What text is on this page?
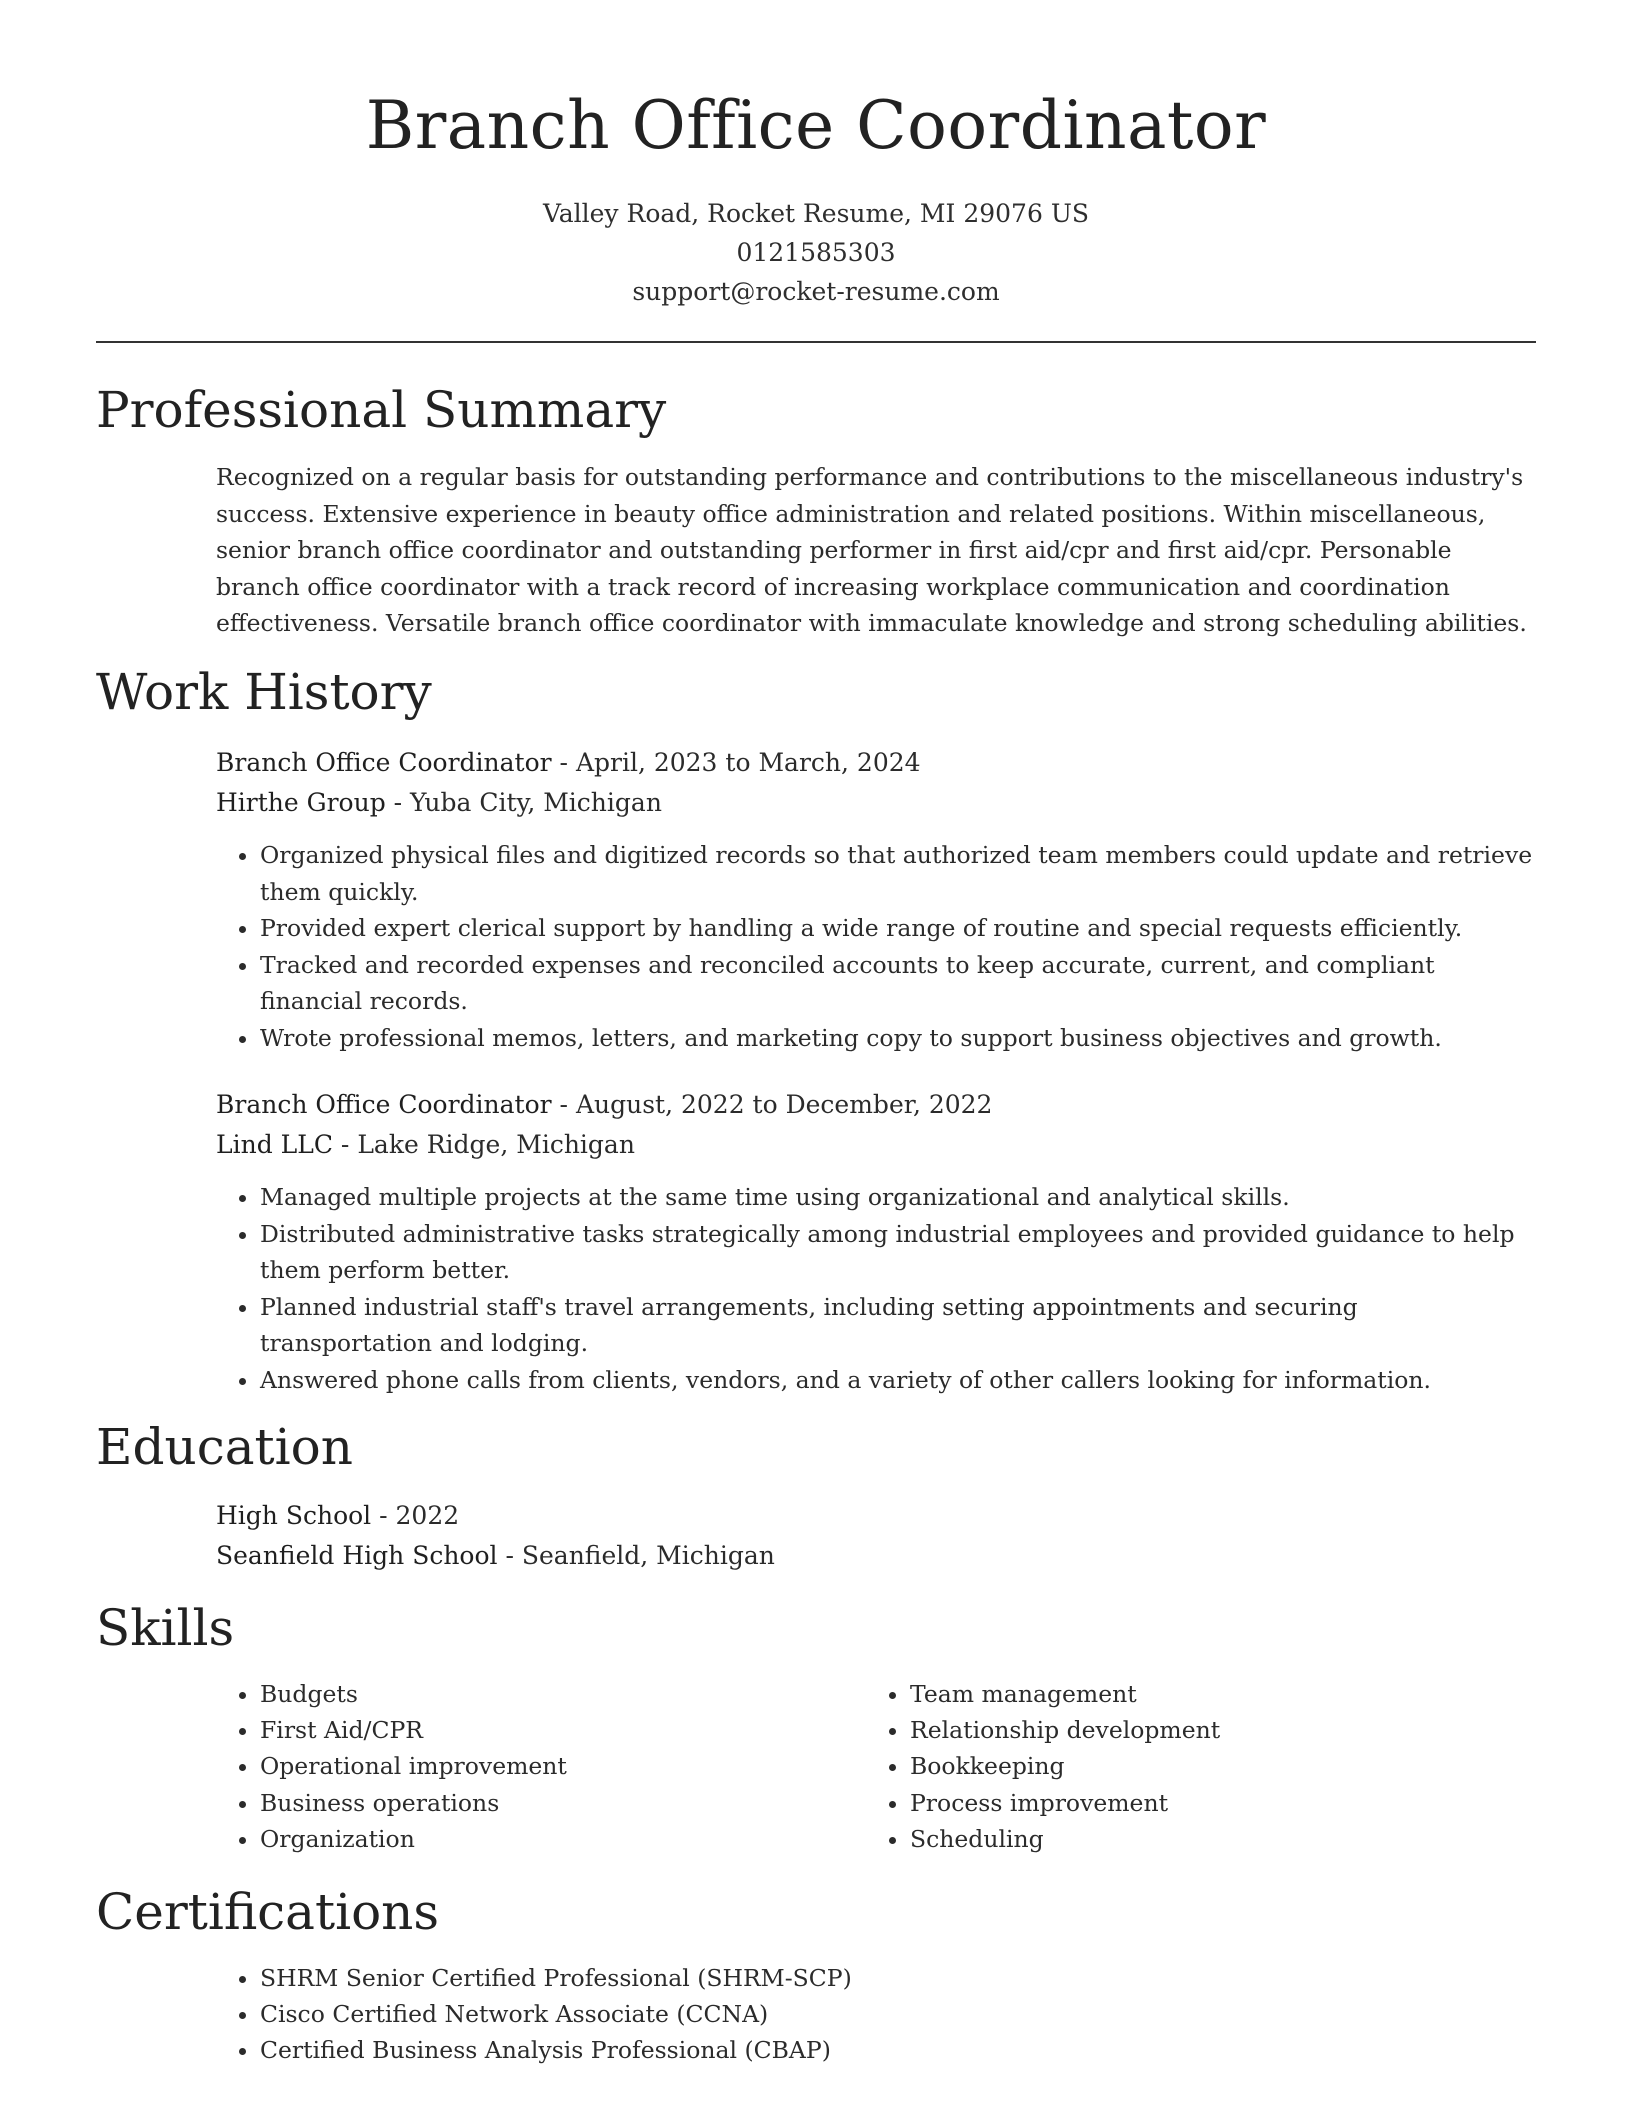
Branch Office Coordinator
Valley Road, Rocket Resume, MI 29076 US
0121585303
support@rocket-resume.com
Professional Summary

Recognized on a regular basis for outstanding performance and contributions to the miscellaneous industry's success. Extensive experience in beauty office administration and related positions. Within miscellaneous, senior branch office coordinator and outstanding performer in first aid/cpr and first aid/cpr. Personable branch office coordinator with a track record of increasing workplace communication and coordination effectiveness. Versatile branch office coordinator with immaculate knowledge and strong scheduling abilities.

Work History
Branch Office Coordinator - April, 2023 to March, 2024
Hirthe Group - Yuba City, Michigan
• Organized physical files and digitized records so that authorized team members could update and retrieve them quickly.
• Provided expert clerical support by handling a wide range of routine and special requests efficiently.
• Tracked and recorded expenses and reconciled accounts to keep accurate, current, and compliant financial records.
• Wrote professional memos, letters, and marketing copy to support business objectives and growth.
Branch Office Coordinator - August, 2022 to December, 2022
Lind LLC - Lake Ridge, Michigan
• Managed multiple projects at the same time using organizational and analytical skills.
• Distributed administrative tasks strategically among industrial employees and provided guidance to help them perform better.
• Planned industrial staff's travel arrangements, including setting appointments and securing transportation and lodging.
• Answered phone calls from clients, vendors, and a variety of other callers looking for information.
Education
High School - 2022
Seanfield High School - Seanfield, Michigan
Skills
• Budgets
• First Aid/CPR
• Operational improvement
• Business operations
• Organization
• Team management
• Relationship development
• Bookkeeping
• Process improvement
• Scheduling
Certifications
• SHRM Senior Certified Professional (SHRM-SCP)
• Cisco Certified Network Associate (CCNA)
• Certified Business Analysis Professional (CBAP)
